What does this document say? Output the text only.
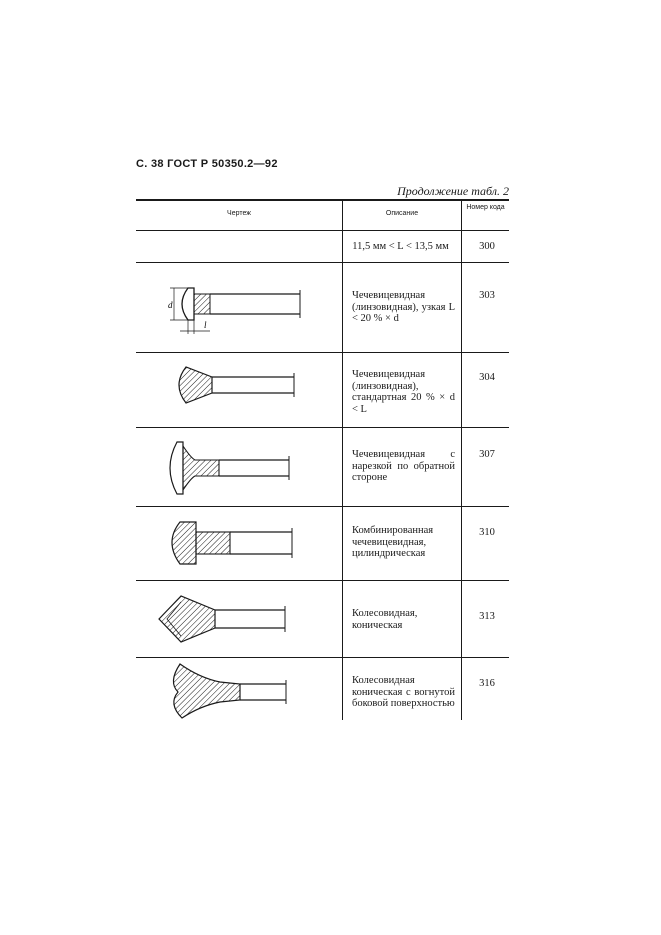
С. 38 ГОСТ Р 50350.2—92
Продолжение табл. 2
Чертеж	Описание
Номер кода
11,5 мм < L < 13,5 мм	300
Чечевицевидная (линзовидная), узкая L < 20 % × d
303
d
l
Чечевицевидная (линзовидная), стандартная 20 % × d < L
304
Чечевицевидная с нарезкой по обратной стороне
307
Комбинированная чечевицевидная, цилиндрическая
310
Колесовидная, коническая
313
Колесовидная коническая с вогнутой боковой поверхностью
316
